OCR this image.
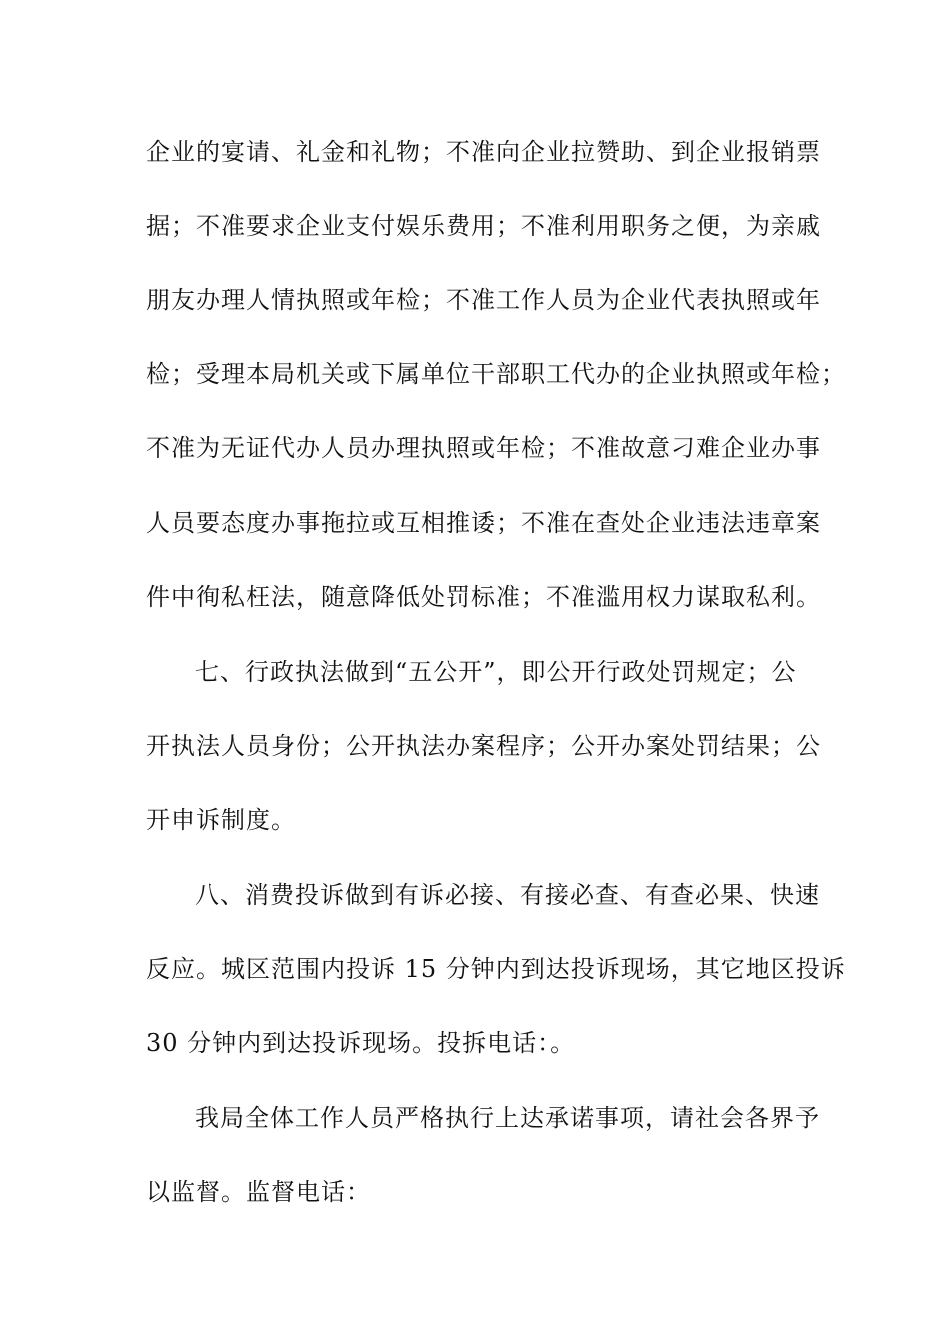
企业的宴请、礼金和礼物；不准向企业拉赞助、到企业报销票
据；不准要求企业支付娱乐费用；不准利用职务之便，为亲戚
朋友办理人情执照或年检；不准工作人员为企业代表执照或年
检；受理本局机关或下属单位干部职工代办的企业执照或年检；
不准为无证代办人员办理执照或年检；不准故意刁难企业办事
人员要态度办事拖拉或互相推诿；不准在查处企业违法违章案
件中徇私枉法，随意降低处罚标准；不准滥用权力谋取私利。
七、行政执法做到“五公开”，即公开行政处罚规定；公
开执法人员身份；公开执法办案程序；公开办案处罚结果；公
开申诉制度。
八、消费投诉做到有诉必接、有接必查、有查必果、快速
反应。城区范围内投诉 15 分钟内到达投诉现场，其它地区投诉
30 分钟内到达投诉现场。投拆电话：。
我局全体工作人员严格执行上达承诺事项，请社会各界予
以监督。监督电话：
